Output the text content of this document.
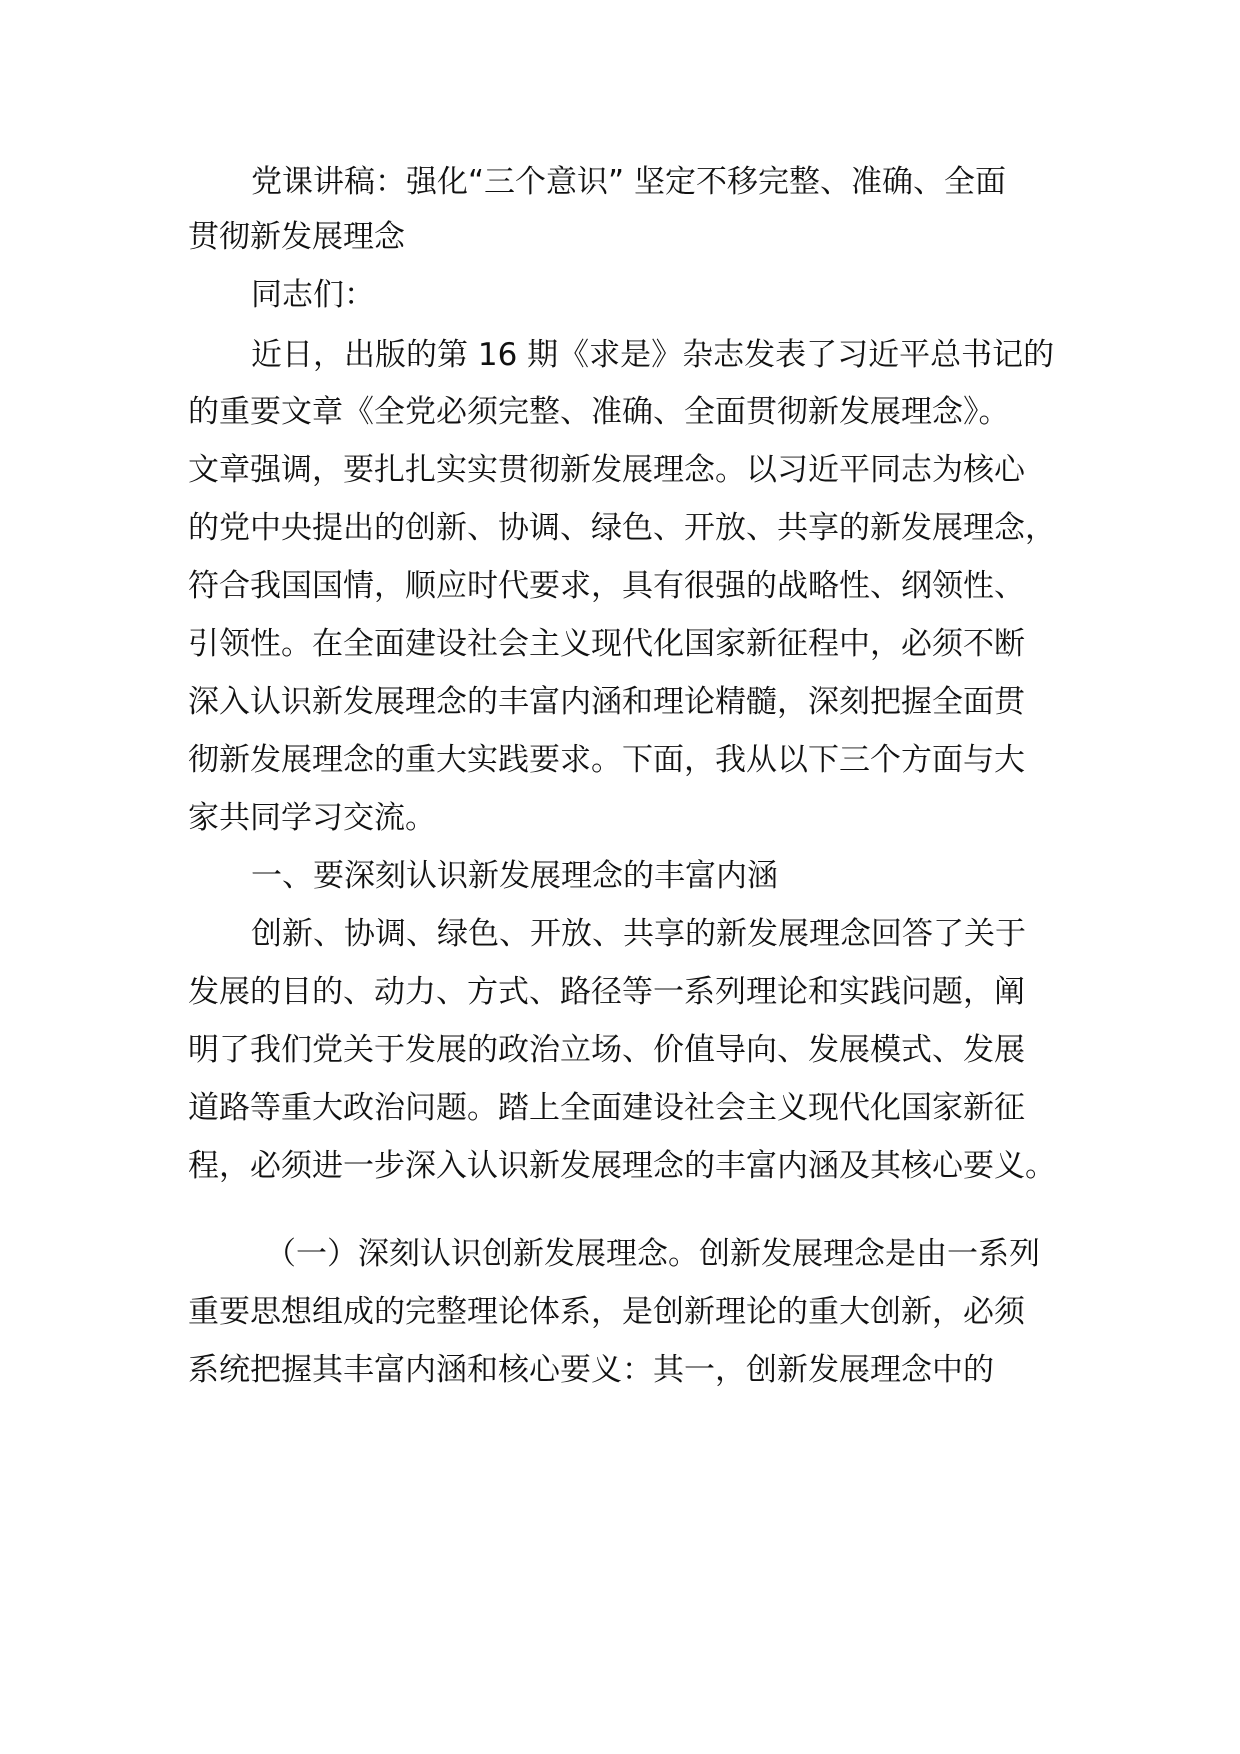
党课讲稿：强化“三个意识” 坚定不移完整、准确、全面

贯彻新发展理念

同志们：

近日，出版的第 16 期《求是》杂志发表了习近平总书记的

的重要文章《全党必须完整、准确、全面贯彻新发展理念》。

文章强调，要扎扎实实贯彻新发展理念。以习近平同志为核心

的党中央提出的创新、协调、绿色、开放、共享的新发展理念，

符合我国国情，顺应时代要求，具有很强的战略性、纲领性、

引领性。在全面建设社会主义现代化国家新征程中，必须不断

深入认识新发展理念的丰富内涵和理论精髓，深刻把握全面贯

彻新发展理念的重大实践要求。下面，我从以下三个方面与大

家共同学习交流。

一、要深刻认识新发展理念的丰富内涵

创新、协调、绿色、开放、共享的新发展理念回答了关于

发展的目的、动力、方式、路径等一系列理论和实践问题，阐

明了我们党关于发展的政治立场、价值导向、发展模式、发展

道路等重大政治问题。踏上全面建设社会主义现代化国家新征

程，必须进一步深入认识新发展理念的丰富内涵及其核心要义。

（一）深刻认识创新发展理念。创新发展理念是由一系列

重要思想组成的完整理论体系，是创新理论的重大创新，必须

系统把握其丰富内涵和核心要义：其一，创新发展理念中的
